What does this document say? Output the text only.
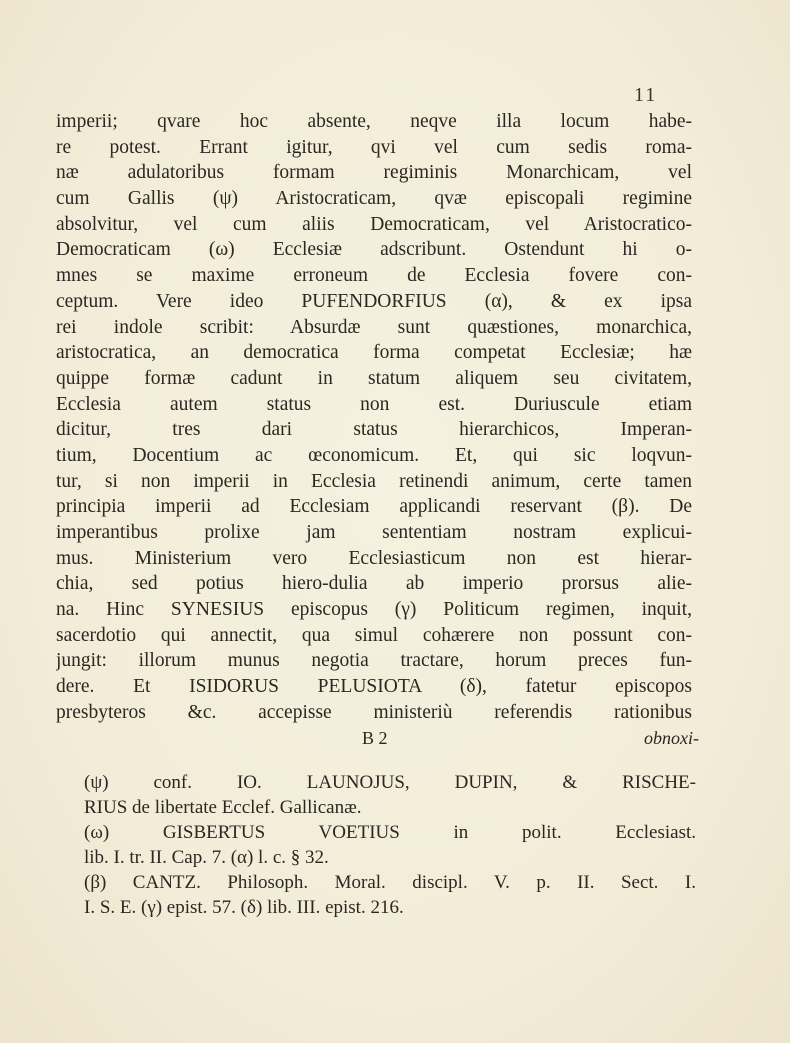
11
imperii; qvare hoc absente, neqve illa locum habe-
re potest. Errant igitur, qvi vel cum sedis roma-
næ adulatoribus formam regiminis Monarchicam, vel
cum Gallis (ψ) Aristocraticam, qvæ episcopali regimine
absolvitur, vel cum aliis Democraticam, vel Aristocratico-
Democraticam (ω) Ecclesiæ adscribunt. Ostendunt hi o-
mnes se maxime erroneum de Ecclesia fovere con-
ceptum. Vere ideo PUFENDORFIUS (α), & ex ipsa
rei indole scribit: Absurdæ sunt quæstiones, monarchica,
aristocratica, an democratica forma competat Ecclesiæ; hæ
quippe formæ cadunt in statum aliquem seu civitatem,
Ecclesia autem status non est. Duriuscule etiam
dicitur, tres dari status hierarchicos, Imperan-
tium, Docentium ac œconomicum. Et, qui sic loqvun-
tur, si non imperii in Ecclesia retinendi animum, certe tamen
principia imperii ad Ecclesiam applicandi reservant (β). De
imperantibus prolixe jam sententiam nostram explicui-
mus. Ministerium vero Ecclesiasticum non est hierar-
chia, sed potius hiero-dulia ab imperio prorsus alie-
na. Hinc SYNESIUS episcopus (γ) Politicum regimen, inquit,
sacerdotio qui annectit, qua simul cohærere non possunt con-
jungit: illorum munus negotia tractare, horum preces fun-
dere. Et ISIDORUS PELUSIOTA (δ), fatetur episcopos
presbyteros &c. accepisse ministeriù referendis rationibus
B 2	obnoxi-
(ψ) conf. IO. LAUNOJUS, DUPIN, & RISCHE-
RIUS de libertate Ecclef. Gallicanæ.
(ω) GISBERTUS VOETIUS in polit. Ecclesiast.
lib. I. tr. II. Cap. 7. (α) l. c. § 32.
(β) CANTZ. Philosoph. Moral. discipl. V. p. II. Sect. I.
I. S. E. (γ) epist. 57. (δ) lib. III. epist. 216.
